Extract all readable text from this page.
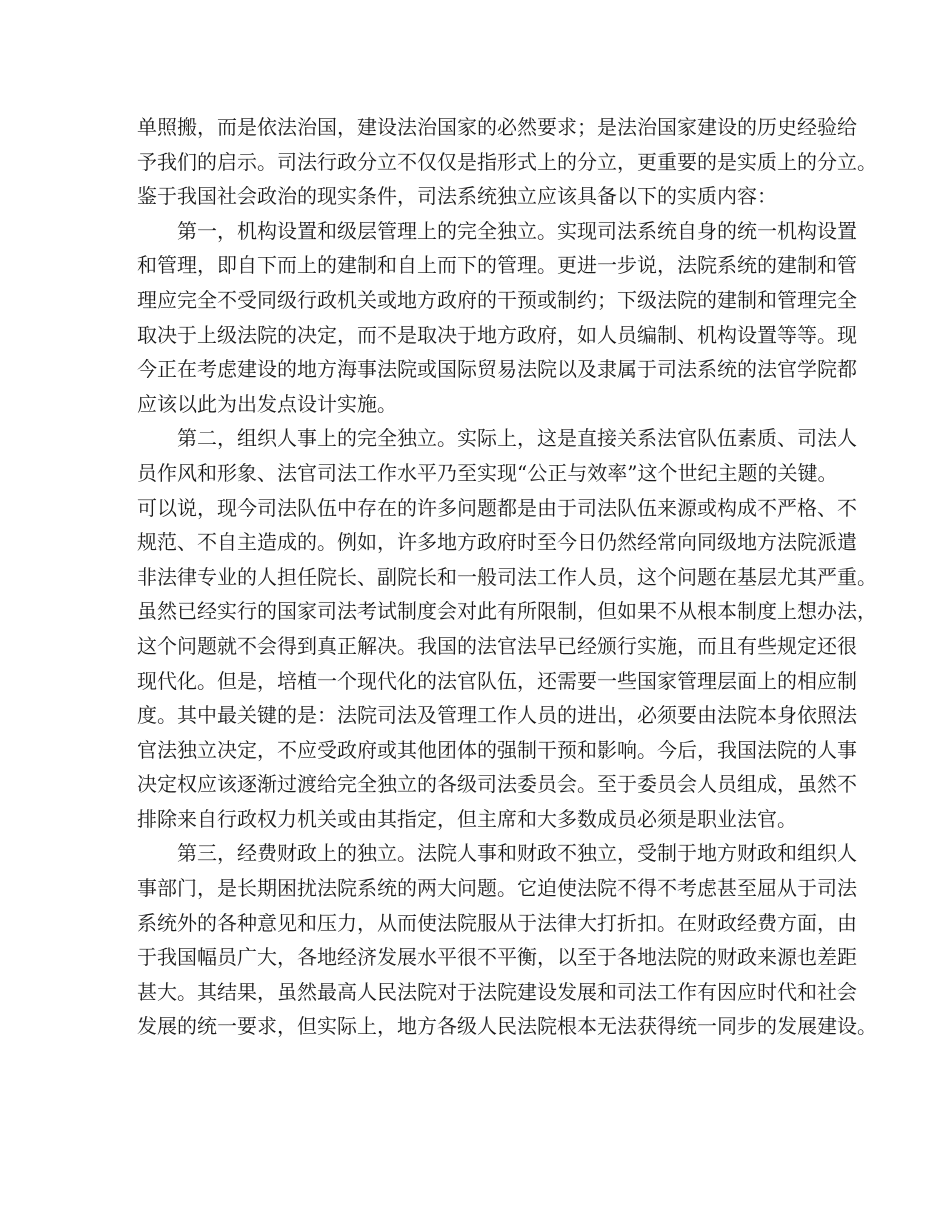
单照搬，而是依法治国，建设法治国家的必然要求；是法治国家建设的历史经验给
予我们的启示。司法行政分立不仅仅是指形式上的分立，更重要的是实质上的分立。
鉴于我国社会政治的现实条件，司法系统独立应该具备以下的实质内容：
第一，机构设置和级层管理上的完全独立。实现司法系统自身的统一机构设置
和管理，即自下而上的建制和自上而下的管理。更进一步说，法院系统的建制和管
理应完全不受同级行政机关或地方政府的干预或制约；下级法院的建制和管理完全
取决于上级法院的决定，而不是取决于地方政府，如人员编制、机构设置等等。现
今正在考虑建设的地方海事法院或国际贸易法院以及隶属于司法系统的法官学院都
应该以此为出发点设计实施。
第二，组织人事上的完全独立。实际上，这是直接关系法官队伍素质、司法人
员作风和形象、法官司法工作水平乃至实现“公正与效率”这个世纪主题的关键。
可以说，现今司法队伍中存在的许多问题都是由于司法队伍来源或构成不严格、不
规范、不自主造成的。例如，许多地方政府时至今日仍然经常向同级地方法院派遣
非法律专业的人担任院长、副院长和一般司法工作人员，这个问题在基层尤其严重。
虽然已经实行的国家司法考试制度会对此有所限制，但如果不从根本制度上想办法，
这个问题就不会得到真正解决。我国的法官法早已经颁行实施，而且有些规定还很
现代化。但是，培植一个现代化的法官队伍，还需要一些国家管理层面上的相应制
度。其中最关键的是：法院司法及管理工作人员的进出，必须要由法院本身依照法
官法独立决定，不应受政府或其他团体的强制干预和影响。今后，我国法院的人事
决定权应该逐渐过渡给完全独立的各级司法委员会。至于委员会人员组成，虽然不
排除来自行政权力机关或由其指定，但主席和大多数成员必须是职业法官。
第三，经费财政上的独立。法院人事和财政不独立，受制于地方财政和组织人
事部门，是长期困扰法院系统的两大问题。它迫使法院不得不考虑甚至屈从于司法
系统外的各种意见和压力，从而使法院服从于法律大打折扣。在财政经费方面，由
于我国幅员广大，各地经济发展水平很不平衡，以至于各地法院的财政来源也差距
甚大。其结果，虽然最高人民法院对于法院建设发展和司法工作有因应时代和社会
发展的统一要求，但实际上，地方各级人民法院根本无法获得统一同步的发展建设。
